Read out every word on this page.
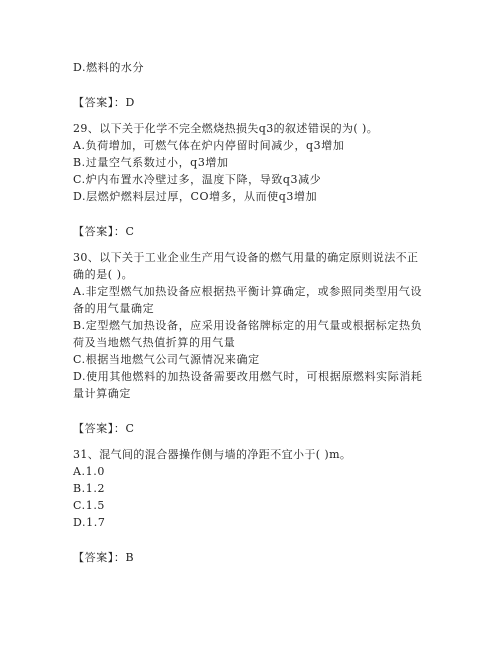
D.燃料的水分
【答案】：D
29、以下关于化学不完全燃烧热损失q3的叙述错误的为( )。
A.负荷增加，可燃气体在炉内停留时间减少，q3增加
B.过量空气系数过小，q3增加
C.炉内布置水冷壁过多，温度下降，导致q3减少
D.层燃炉燃料层过厚，CO增多，从而使q3增加
【答案】：C
30、以下关于工业企业生产用气设备的燃气用量的确定原则说法不正
确的是( )。
A.非定型燃气加热设备应根据热平衡计算确定，或参照同类型用气设
备的用气量确定
B.定型燃气加热设备，应采用设备铭牌标定的用气量或根据标定热负
荷及当地燃气热值折算的用气量
C.根据当地燃气公司气源情况来确定
D.使用其他燃料的加热设备需要改用燃气时，可根据原燃料实际消耗
量计算确定
【答案】：C
31、混气间的混合器操作侧与墙的净距不宜小于( )m。
A.1.0
B.1.2
C.1.5
D.1.7
【答案】：B
